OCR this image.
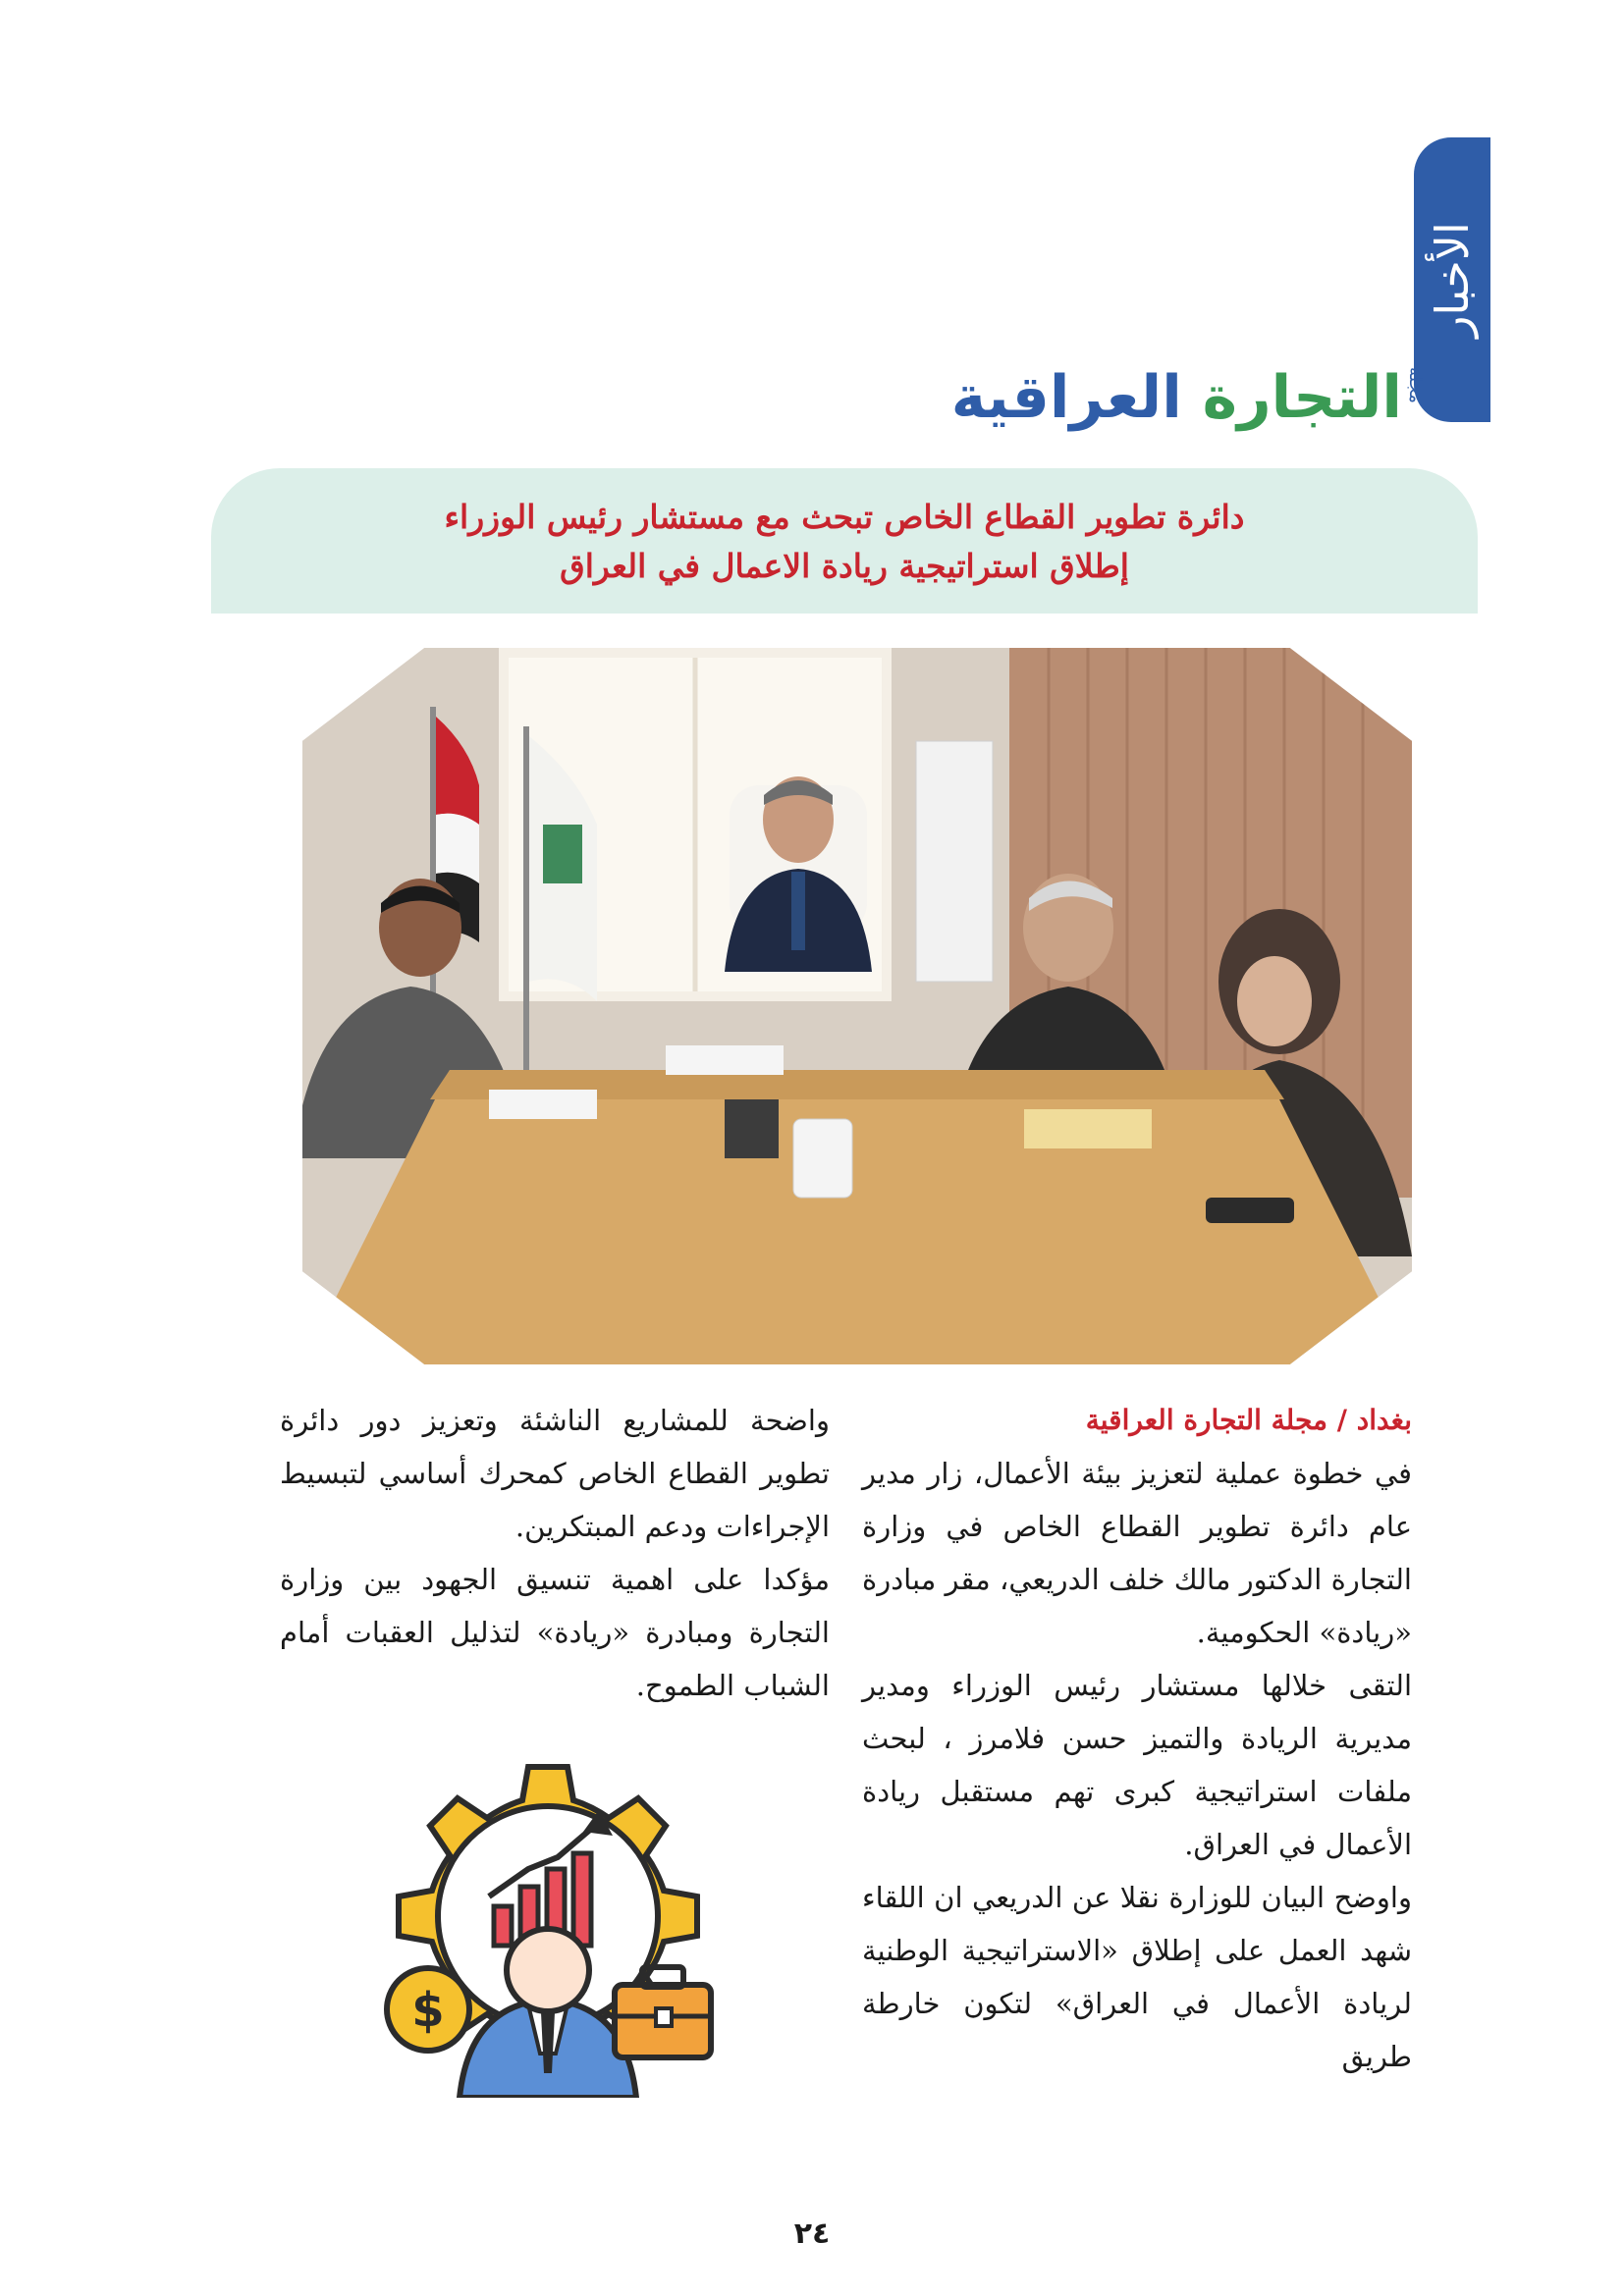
الأخبار
مجلة
التجارة العراقية
دائرة تطوير القطاع الخاص تبحث مع مستشار رئيس الوزراء
إطلاق استراتيجية ريادة الاعمال في العراق
بغداد / مجلة التجارة العراقية

في خطوة عملية لتعزيز بيئة الأعمال، زار مدير عام دائرة تطوير القطاع الخاص في وزارة التجارة الدكتور مالك خلف الدريعي، مقر مبادرة «ريادة» الحكومية.

التقى خلالها مستشار رئيس الوزراء ومدير مديرية الريادة والتميز حسن فلامرز ، لبحث ملفات استراتيجية كبرى تهم مستقبل ريادة الأعمال في العراق.

واوضح البيان للوزارة نقلا عن الدريعي ان اللقاء شهد العمل على إطلاق «الاستراتيجية الوطنية لريادة الأعمال في العراق» لتكون خارطة طريق

واضحة للمشاريع الناشئة وتعزيز دور دائرة تطوير القطاع الخاص كمحرك أساسي لتبسيط الإجراءات ودعم المبتكرين.

مؤكدا على اهمية تنسيق الجهود بين وزارة التجارة ومبادرة «ريادة» لتذليل العقبات أمام الشباب الطموح.

$
٢٤
